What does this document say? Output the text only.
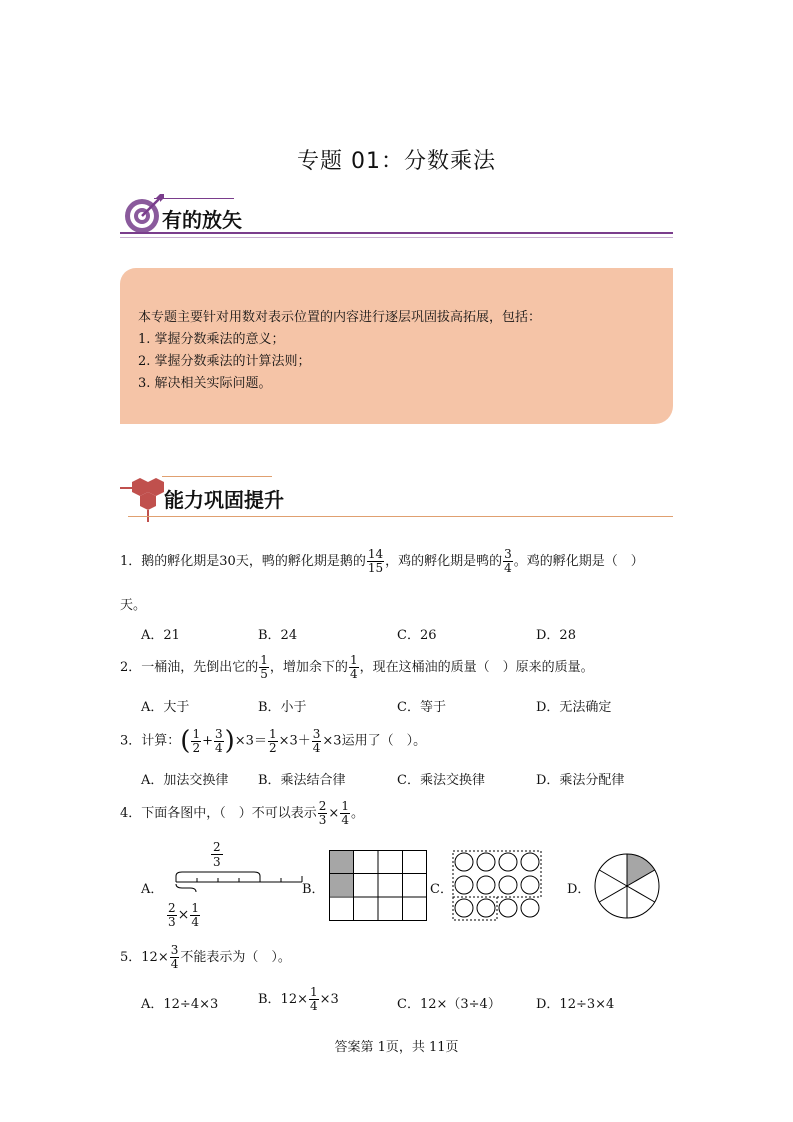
专题 01：分数乘法
有的放矢
本专题主要针对用数对表示位置的内容进行逐层巩固拔高拓展，包括：
1. 掌握分数乘法的意义；
2. 掌握分数乘法的计算法则；
3. 解决相关实际问题。
能力巩固提升
1．鹅的孵化期是30天，鸭的孵化期是鹅的 $\frac{14}{15}$ ，鸡的孵化期是鸭的 $\frac{3}{4}$ 。鸡的孵化期是（　）
天。
A．21	B．24	C．26	D．28
2．一桶油，先倒出它的 $\frac{1}{5}$ ，增加余下的 $\frac{1}{4}$ ，现在这桶油的质量（　）原来的质量。
A．大于	B．小于	C．等于	D．无法确定
3．计算：( $\frac{1}{2} + \frac{3}{4} )\times 3= \frac{1}{2} \times 3+ \frac{3}{4} \times 3$运用了（　）。
A．加法交换律 B．乘法结合律	C．乘法交换律	D．乘法分配律
4．下面各图中，（　）不可以表示 $\frac{2}{3} \times \frac{1}{4}$ 。
A．
2
3
$\frac{2}{3} \times \frac{1}{4}$
B．	C．	D．
5．$12\times \frac{3}{4}$ 不能表示为（　）。
A．12÷4×3	B．$12\times \frac{1}{4} \times 3$	C．12×（3÷4）	D．12÷3×4
答案第 1页，共 11页
